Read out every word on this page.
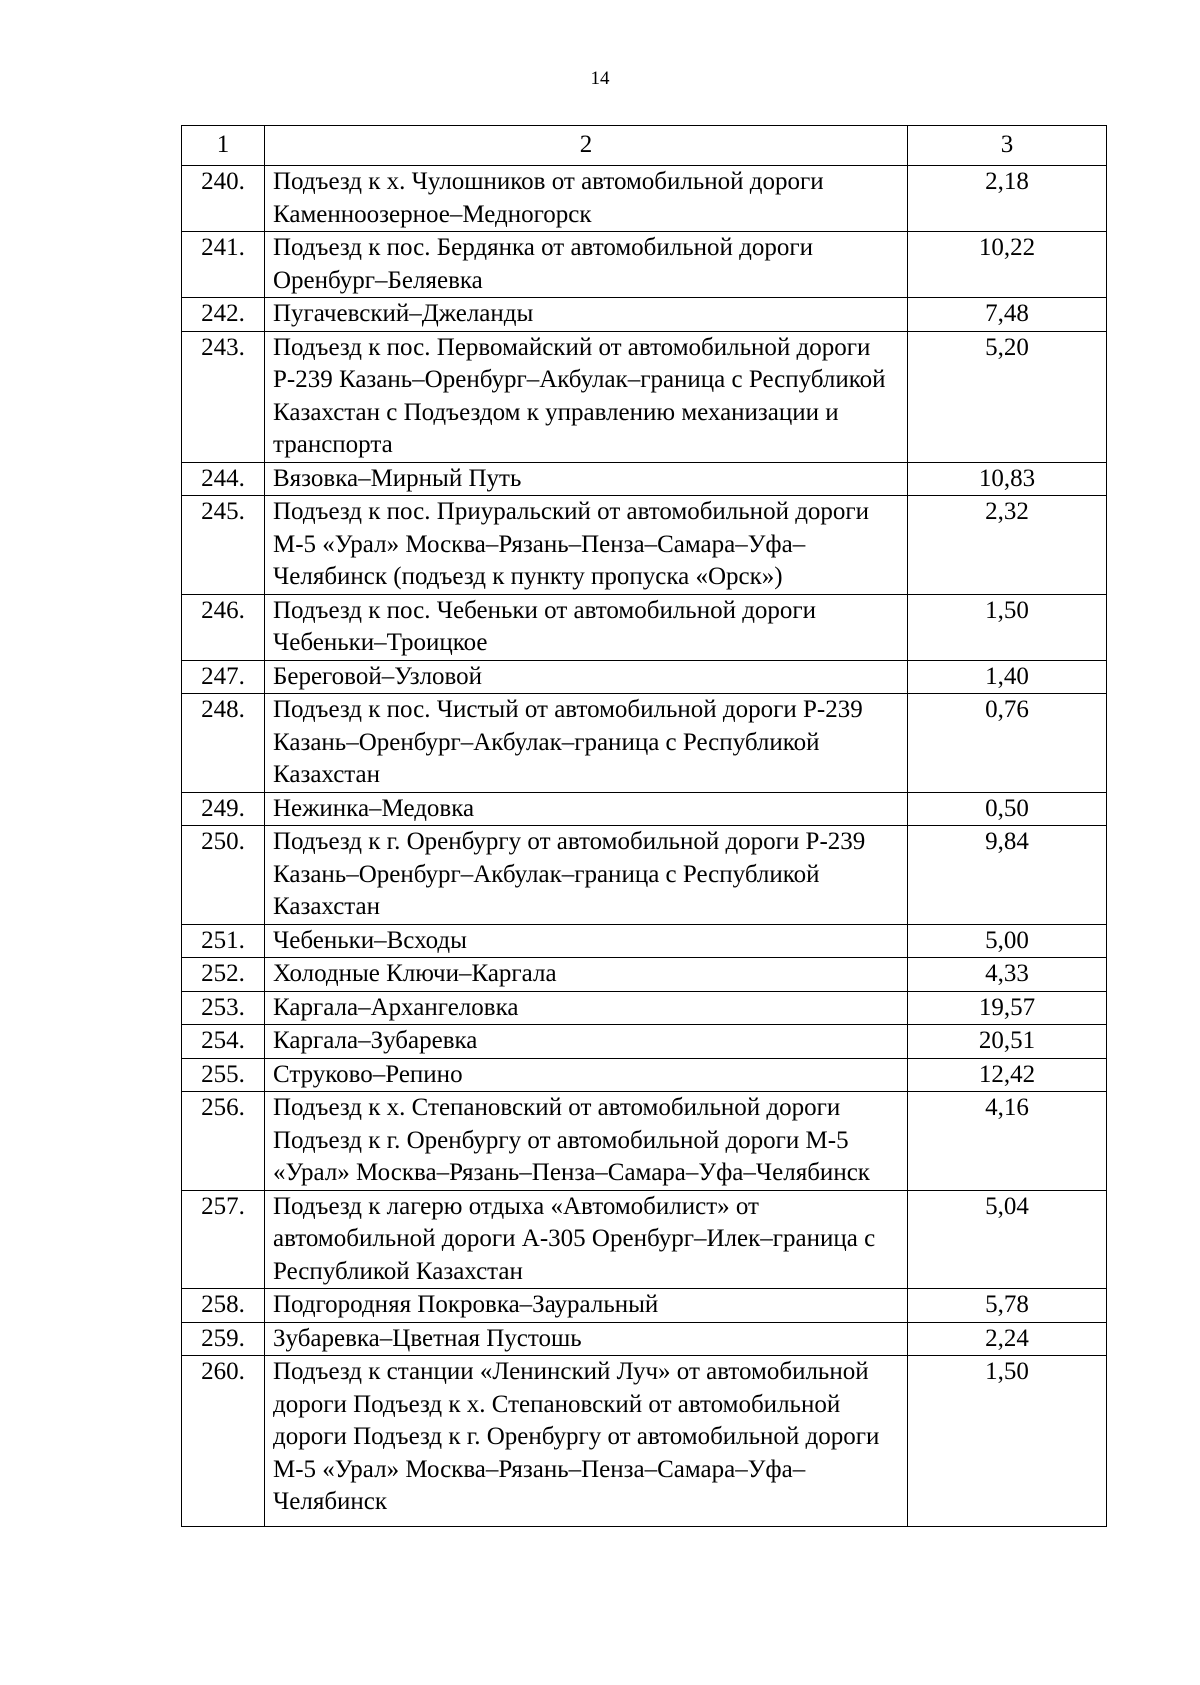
14
1	2	3
240.	Подъезд к х. Чулошников от автомобильной дороги Каменноозерное–Медногорск	2,18
241.	Подъезд к пос. Бердянка от автомобильной дороги Оренбург–Беляевка	10,22
242.	Пугачевский–Джеланды	7,48
243.	Подъезд к пос. Первомайский от автомобильной дороги Р-239 Казань–Оренбург–Акбулак–граница с Республикой Казахстан с Подъездом к управлению механизации и транспорта	5,20
244.	Вязовка–Мирный Путь	10,83
245.	Подъезд к пос. Приуральский от автомобильной дороги М-5 «Урал» Москва–Рязань–Пенза–Самара–Уфа–Челябинск (подъезд к пункту пропуска «Орск»)	2,32
246.	Подъезд к пос. Чебеньки от автомобильной дороги Чебеньки–Троицкое	1,50
247.	Береговой–Узловой	1,40
248.	Подъезд к пос. Чистый от автомобильной дороги Р-239 Казань–Оренбург–Акбулак–граница с Республикой Казахстан	0,76
249.	Нежинка–Медовка	0,50
250.	Подъезд к г. Оренбургу от автомобильной дороги Р-239 Казань–Оренбург–Акбулак–граница с Республикой Казахстан	9,84
251.	Чебеньки–Всходы	5,00
252.	Холодные Ключи–Каргала	4,33
253.	Каргала–Архангеловка	19,57
254.	Каргала–Зубаревка	20,51
255.	Струково–Репино	12,42
256.	Подъезд к х. Степановский от автомобильной дороги Подъезд к г. Оренбургу от автомобильной дороги М-5 «Урал» Москва–Рязань–Пенза–Самара–Уфа–Челябинск	4,16
257.	Подъезд к лагерю отдыха «Автомобилист» от автомобильной дороги А-305 Оренбург–Илек–граница с Республикой Казахстан	5,04
258.	Подгородняя Покровка–Зауральный	5,78
259.	Зубаревка–Цветная Пустошь	2,24
260.	Подъезд к станции «Ленинский Луч» от автомобильной дороги Подъезд к х. Степановский от автомобильной дороги Подъезд к г. Оренбургу от автомобильной дороги М-5 «Урал» Москва–Рязань–Пенза–Самара–Уфа–Челябинск	1,50
